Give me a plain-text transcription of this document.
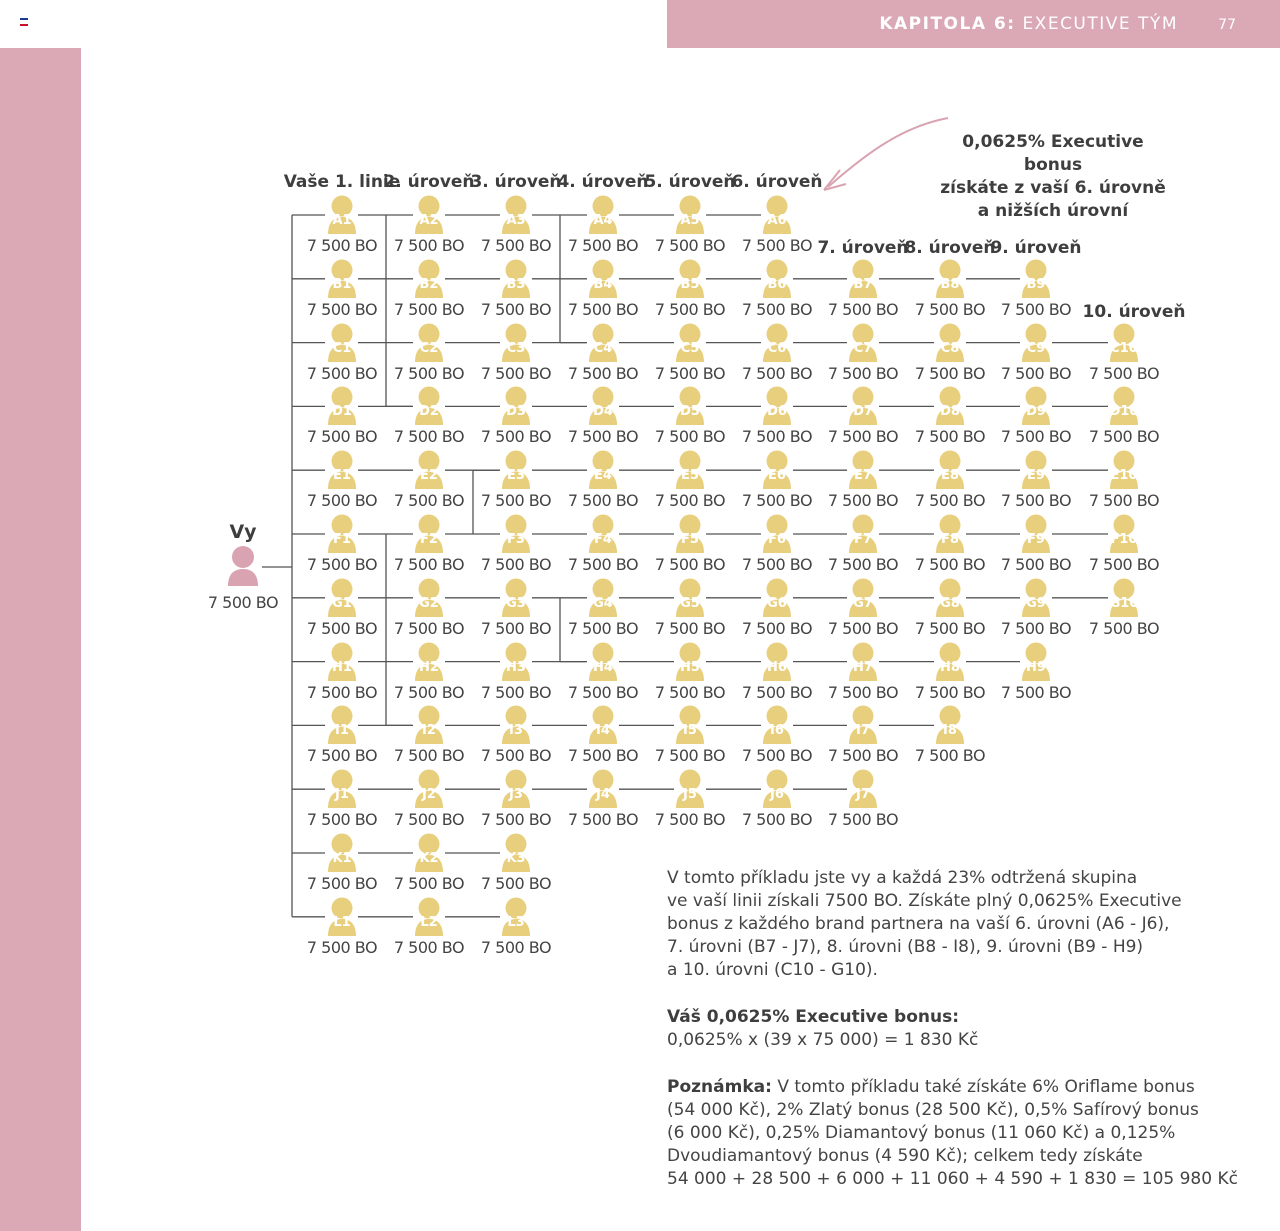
KAPITOLA 6: EXECUTIVE TÝM	77
0,0625% Executive bonus
získáte z vaší 6. úrovně
a nižších úrovní
Vaše 1. linie
2. úroveň
3. úroveň
4. úroveň
5. úroveň
6. úroveň
7. úroveň
8. úroveň
9. úroveň
10. úroveň
Vy
7 500 BO
A1
7 500 BO
A2
7 500 BO
A3
7 500 BO
A4
7 500 BO
A5
7 500 BO
A6
7 500 BO
B1
7 500 BO
B2
7 500 BO
B3
7 500 BO
B4
7 500 BO
B5
7 500 BO
B6
7 500 BO
B7
7 500 BO
B8
7 500 BO
B9
7 500 BO
C1
7 500 BO
C2
7 500 BO
C3
7 500 BO
C4
7 500 BO
C5
7 500 BO
C6
7 500 BO
C7
7 500 BO
C8
7 500 BO
C9
7 500 BO
C10
7 500 BO
D1
7 500 BO
D2
7 500 BO
D3
7 500 BO
D4
7 500 BO
D5
7 500 BO
D6
7 500 BO
D7
7 500 BO
D8
7 500 BO
D9
7 500 BO
D10
7 500 BO
E1
7 500 BO
E2
7 500 BO
E3
7 500 BO
E4
7 500 BO
E5
7 500 BO
E6
7 500 BO
E7
7 500 BO
E8
7 500 BO
E9
7 500 BO
E10
7 500 BO
F1
7 500 BO
F2
7 500 BO
F3
7 500 BO
F4
7 500 BO
F5
7 500 BO
F6
7 500 BO
F7
7 500 BO
F8
7 500 BO
F9
7 500 BO
F10
7 500 BO
G1
7 500 BO
G2
7 500 BO
G3
7 500 BO
G4
7 500 BO
G5
7 500 BO
G6
7 500 BO
G7
7 500 BO
G8
7 500 BO
G9
7 500 BO
G10
7 500 BO
H1
7 500 BO
H2
7 500 BO
H3
7 500 BO
H4
7 500 BO
H5
7 500 BO
H6
7 500 BO
H7
7 500 BO
H8
7 500 BO
H9
7 500 BO
I1
7 500 BO
I2
7 500 BO
I3
7 500 BO
I4
7 500 BO
I5
7 500 BO
I6
7 500 BO
I7
7 500 BO
I8
7 500 BO
J1
7 500 BO
J2
7 500 BO
J3
7 500 BO
J4
7 500 BO
J5
7 500 BO
J6
7 500 BO
J7
7 500 BO
K1
7 500 BO
K2
7 500 BO
K3
7 500 BO
L1
7 500 BO
L2
7 500 BO
L3
7 500 BO
V tomto příkladu jste vy a každá 23% odtržená skupina
ve vaší linii získali 7500 BO. Získáte plný 0,0625% Executive
bonus z každého brand partnera na vaší 6. úrovni (A6 - J6),
7. úrovni (B7 - J7), 8. úrovni (B8 - I8), 9. úrovni (B9 - H9)
a 10. úrovni (C10 - G10).
Váš 0,0625% Executive bonus:
0,0625% x (39 x 75 000) = 1 830 Kč
Poznámka: V tomto příkladu také získáte 6% Oriflame bonus
(54 000 Kč), 2% Zlatý bonus (28 500 Kč), 0,5% Safírový bonus
(6 000 Kč), 0,25% Diamantový bonus (11 060 Kč) a 0,125%
Dvoudiamantový bonus (4 590 Kč); celkem tedy získáte
54 000 + 28 500 + 6 000 + 11 060 + 4 590 + 1 830 = 105 980 Kč
